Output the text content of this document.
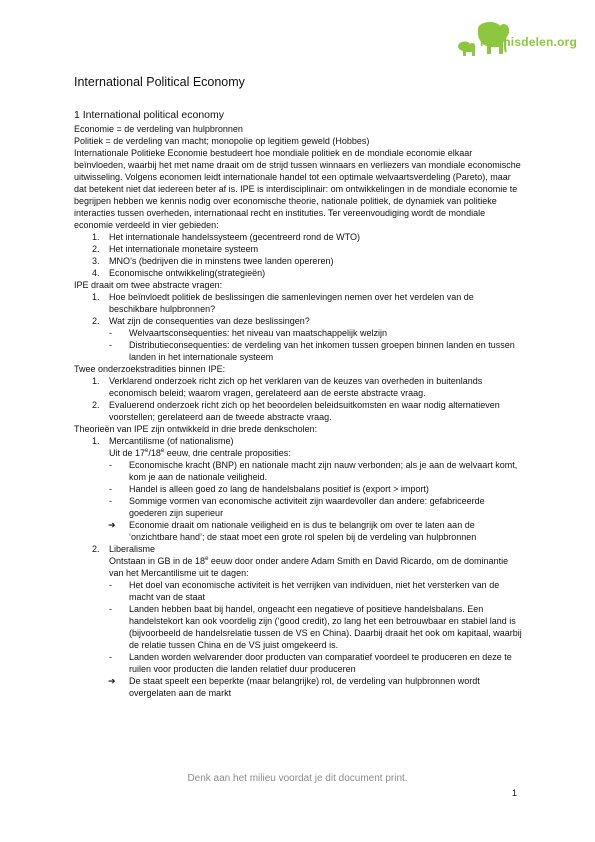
Kennisdelen.org
International Political Economy
1 International political economy

Economie = de verdeling van hulpbronnen

Politiek = de verdeling van macht; monopolie op legitiem geweld (Hobbes)

Internationale Politieke Economie bestudeert hoe mondiale politiek en de mondiale economie elkaar beïnvloeden, waarbij het met name draait om de strijd tussen winnaars en verliezers van mondiale economische uitwisseling. Volgens economen leidt internationale handel tot een optimale welvaartsverdeling (Pareto), maar dat betekent niet dat iedereen beter af is. IPE is interdisciplinair: om ontwikkelingen in de mondiale economie te begrijpen hebben we kennis nodig over economische theorie, nationale politiek, de dynamiek van politieke interacties tussen overheden, internationaal recht en instituties. Ter vereenvoudiging wordt de mondiale economie verdeeld in vier gebieden:

1. Het internationale handelssysteem (gecentreerd rond de WTO)
2. Het internationale monetaire systeem
3. MNO’s (bedrijven die in minstens twee landen opereren)
4. Economische ontwikkeling(strategieën)

IPE draait om twee abstracte vragen:

1. Hoe beïnvloedt politiek de beslissingen die samenlevingen nemen over het verdelen van de beschikbare hulpbronnen?
2. Wat zijn de consequenties van deze beslissingen?
- Welvaartsconsequenties: het niveau van maatschappelijk welzijn
- Distributieconsequenties: de verdeling van het inkomen tussen groepen binnen landen en tussen landen in het internationale systeem

Twee onderzoekstradities binnen IPE:

1. Verklarend onderzoek richt zich op het verklaren van de keuzes van overheden in buitenlands economisch beleid; waarom vragen, gerelateerd aan de eerste abstracte vraag.
2. Evaluerend onderzoek richt zich op het beoordelen beleidsuitkomsten en waar nodig alternatieven voorstellen; gerelateerd aan de tweede abstracte vraag.

Theorieën van IPE zijn ontwikkeld in drie brede denkscholen:

1. Mercantilisme (of nationalisme)

Uit de 17e/18e eeuw, drie centrale proposities:

- Economische kracht (BNP) en nationale macht zijn nauw verbonden; als je aan de welvaart komt, kom je aan de nationale veiligheid.
- Handel is alleen goed zo lang de handelsbalans positief is (export > import)
- Sommige vormen van economische activiteit zijn waardevoller dan andere: gefabriceerde goederen zijn superieur
➔ Economie draait om nationale veiligheid en is dus te belangrijk om over te laten aan de ‘onzichtbare hand’; de staat moet een grote rol spelen bij de verdeling van hulpbronnen
2. Liberalisme

Ontstaan in GB in de 18e eeuw door onder andere Adam Smith en David Ricardo, om de dominantie van het Mercantilisme uit te dagen:

- Het doel van economische activiteit is het verrijken van individuen, niet het versterken van de macht van de staat
- Landen hebben baat bij handel, ongeacht een negatieve of positieve handelsbalans. Een handelstekort kan ook voordelig zijn (‘good credit), zo lang het een betrouwbaar en stabiel land is (bijvoorbeeld de handelsrelatie tussen de VS en China). Daarbij draait het ook om kapitaal, waarbij de relatie tussen China en de VS juist omgekeerd is.
- Landen worden welvarender door producten van comparatief voordeel te produceren en deze te ruilen voor producten die landen relatief duur produceren
➔ De staat speelt een beperkte (maar belangrijke) rol, de verdeling van hulpbronnen wordt overgelaten aan de markt
Denk aan het milieu voordat je dit document print.
1
